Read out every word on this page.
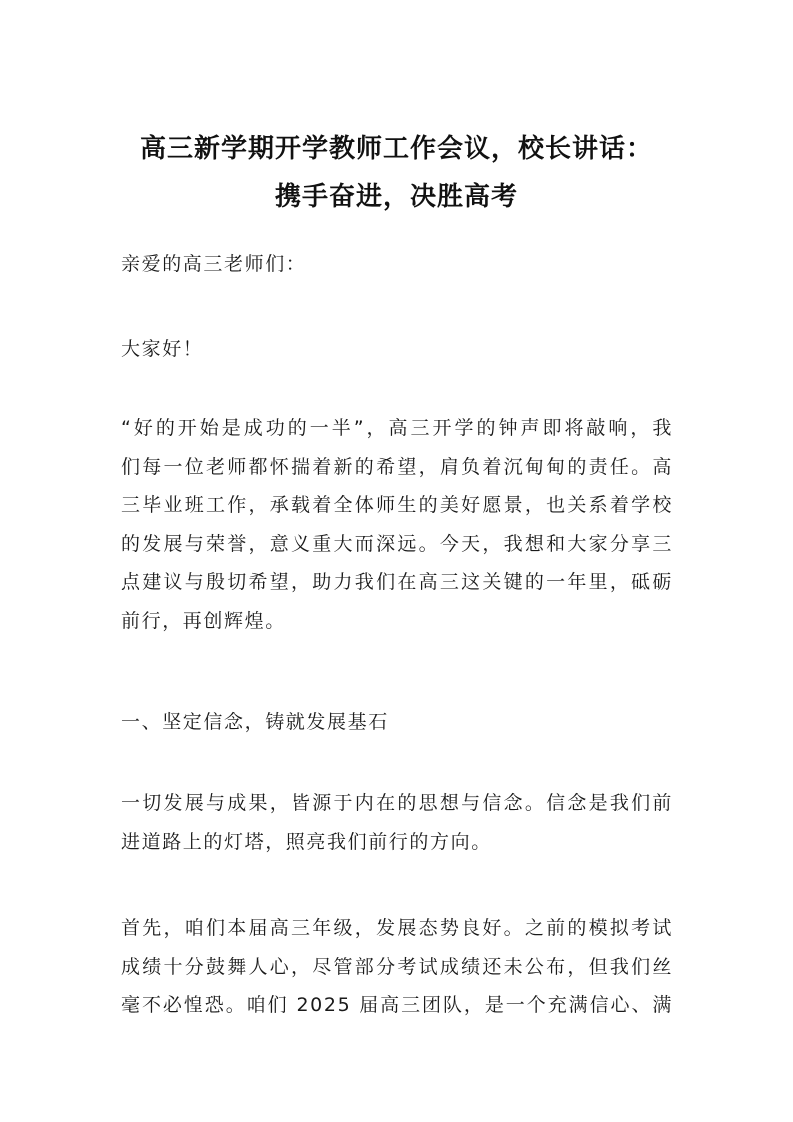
高三新学期开学教师工作会议，校长讲话：
携手奋进，决胜高考
亲爱的高三老师们：
大家好！
“好的开始是成功的一半”，高三开学的钟声即将敲响，我
们每一位老师都怀揣着新的希望，肩负着沉甸甸的责任。高
三毕业班工作，承载着全体师生的美好愿景，也关系着学校
的发展与荣誉，意义重大而深远。今天，我想和大家分享三
点建议与殷切希望，助力我们在高三这关键的一年里，砥砺
前行，再创辉煌。
一、坚定信念，铸就发展基石
一切发展与成果，皆源于内在的思想与信念。信念是我们前
进道路上的灯塔，照亮我们前行的方向。
首先，咱们本届高三年级，发展态势良好。之前的模拟考试
成绩十分鼓舞人心，尽管部分考试成绩还未公布，但我们丝
毫不必惶恐。咱们 2025 届高三团队，是一个充满信心、满
